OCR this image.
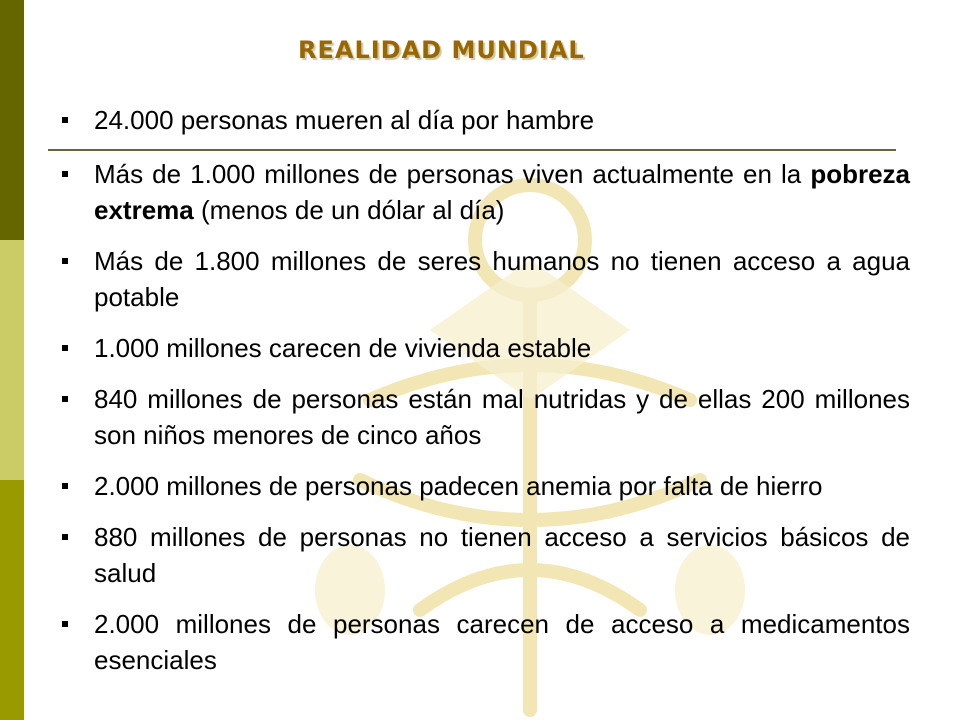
REALIDAD MUNDIAL
24.000 personas mueren al día por hambre
Más de 1.000 millones de personas viven actualmente en la pobreza extrema (menos de un dólar al día)
Más de 1.800 millones de seres humanos no tienen acceso a agua potable
1.000 millones carecen de vivienda estable
840 millones de personas están mal nutridas y de ellas 200 millones son niños menores de cinco años
2.000 millones de personas padecen anemia por falta de hierro
880 millones de personas no tienen acceso a servicios básicos de salud
2.000 millones de personas carecen de acceso a medicamentos esenciales
